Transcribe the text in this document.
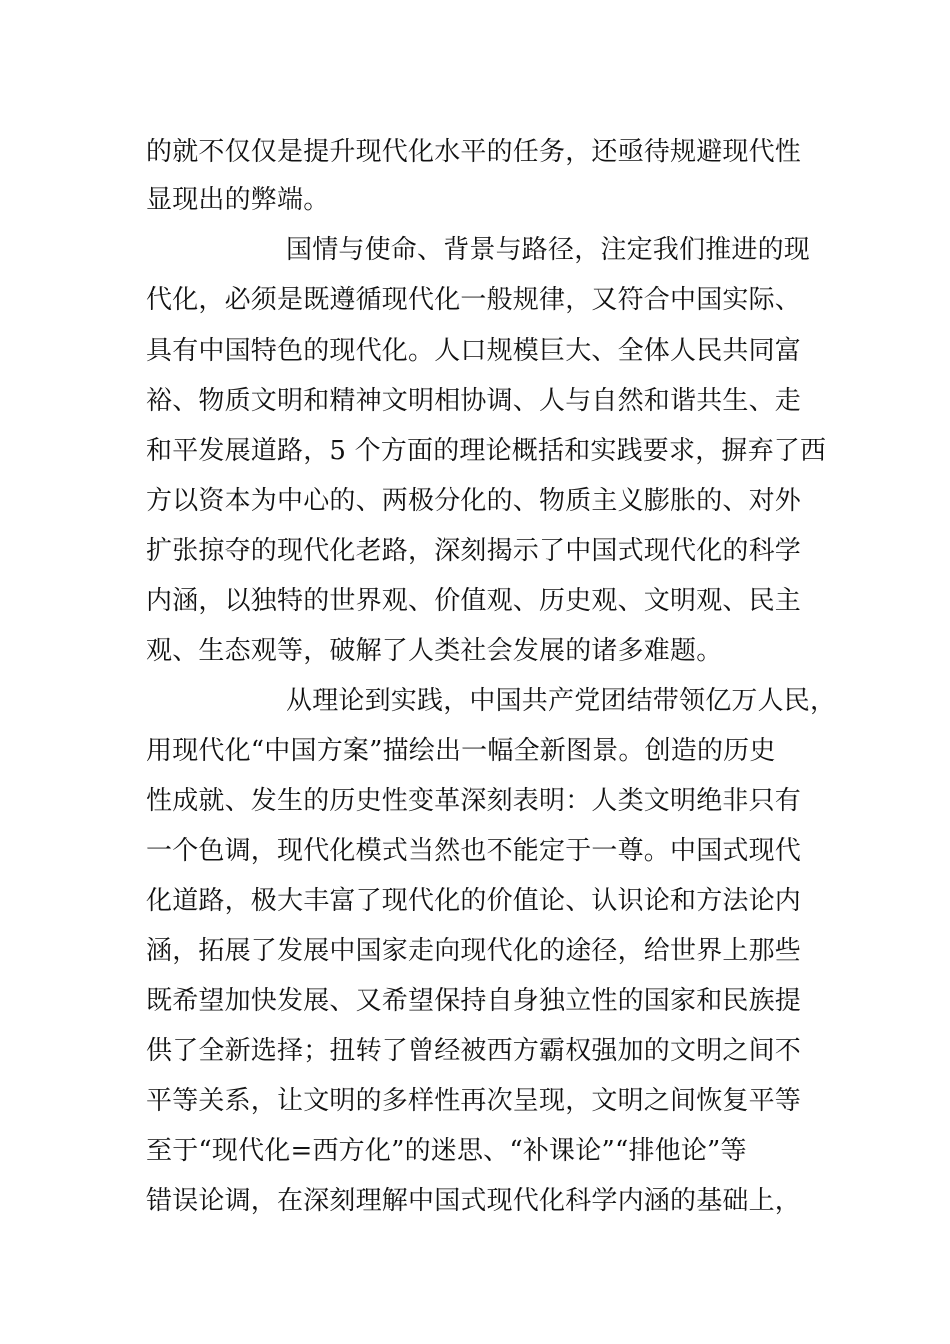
的就不仅仅是提升现代化水平的任务，还亟待规避现代性
显现出的弊端。
国情与使命、背景与路径，注定我们推进的现
代化，必须是既遵循现代化一般规律，又符合中国实际、
具有中国特色的现代化。人口规模巨大、全体人民共同富
裕、物质文明和精神文明相协调、人与自然和谐共生、走
和平发展道路，5 个方面的理论概括和实践要求，摒弃了西
方以资本为中心的、两极分化的、物质主义膨胀的、对外
扩张掠夺的现代化老路，深刻揭示了中国式现代化的科学
内涵，以独特的世界观、价值观、历史观、文明观、民主
观、生态观等，破解了人类社会发展的诸多难题。
从理论到实践，中国共产党团结带领亿万人民，
用现代化“中国方案”描绘出一幅全新图景。创造的历史
性成就、发生的历史性变革深刻表明：人类文明绝非只有
一个色调，现代化模式当然也不能定于一尊。中国式现代
化道路，极大丰富了现代化的价值论、认识论和方法论内
涵，拓展了发展中国家走向现代化的途径，给世界上那些
既希望加快发展、又希望保持自身独立性的国家和民族提
供了全新选择；扭转了曾经被西方霸权强加的文明之间不
平等关系，让文明的多样性再次呈现，文明之间恢复平等
至于“现代化=西方化”的迷思、“补课论”“排他论”等
错误论调，在深刻理解中国式现代化科学内涵的基础上，
